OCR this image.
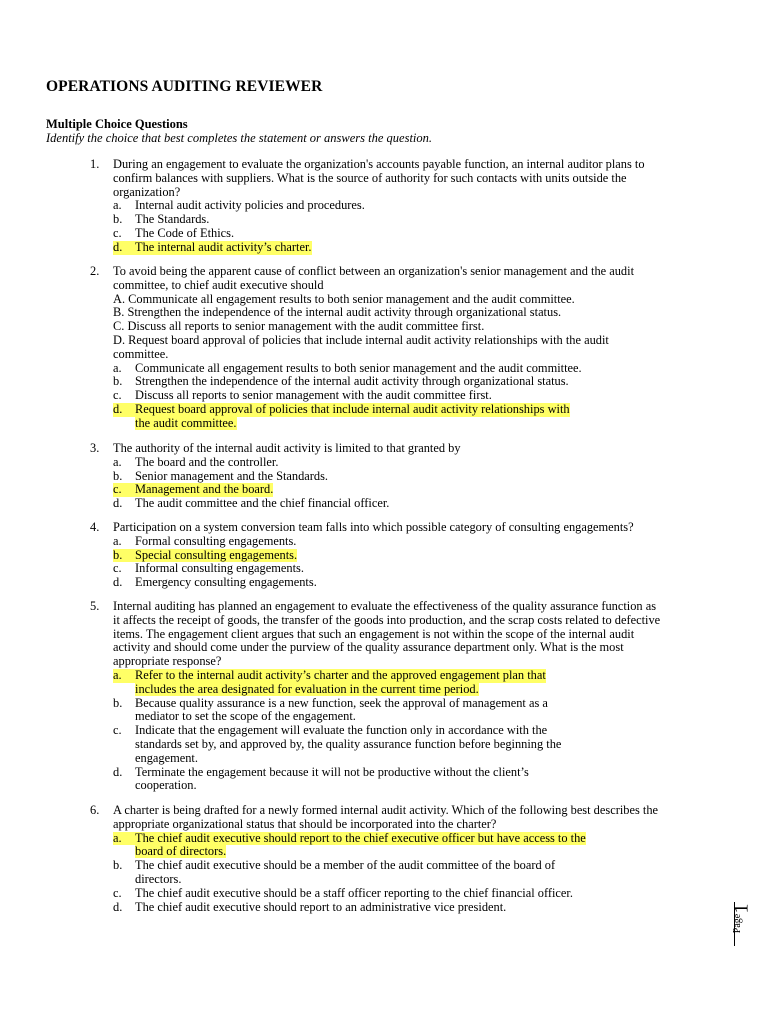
OPERATIONS AUDITING REVIEWER
Multiple Choice Questions
Identify the choice that best completes the statement or answers the question.
1.	During an engagement to evaluate the organization's accounts payable function, an internal auditor plans to
confirm balances with suppliers. What is the source of authority for such contacts with units outside the
organization?
a.	Internal audit activity policies and procedures.
b.	The Standards.
c.	The Code of Ethics.
d. The internal audit activity’s charter.
2.	To avoid being the apparent cause of conflict between an organization's senior management and the audit
committee, to chief audit executive should
A. Communicate all engagement results to both senior management and the audit committee.
B. Strengthen the independence of the internal audit activity through organizational status.
C. Discuss all reports to senior management with the audit committee first.
D. Request board approval of policies that include internal audit activity relationships with the audit
committee.
a.	Communicate all engagement results to both senior management and the audit committee.
b.	Strengthen the independence of the internal audit activity through organizational status.
c.	Discuss all reports to senior management with the audit committee first.
d. Request board approval of policies that include internal audit activity relationships with
the audit committee.
3.	The authority of the internal audit activity is limited to that granted by
a.	The board and the controller.
b.	Senior management and the Standards.
c. Management and the board.
d.	The audit committee and the chief financial officer.
4.	Participation on a system conversion team falls into which possible category of consulting engagements?
a.	Formal consulting engagements.
b. Special consulting engagements.
c.	Informal consulting engagements.
d.	Emergency consulting engagements.
5.	Internal auditing has planned an engagement to evaluate the effectiveness of the quality assurance function as
it affects the receipt of goods, the transfer of the goods into production, and the scrap costs related to defective
items. The engagement client argues that such an engagement is not within the scope of the internal audit
activity and should come under the purview of the quality assurance department only. What is the most
appropriate response?
a. Refer to the internal audit activity’s charter and the approved engagement plan that
includes the area designated for evaluation in the current time period.
b.	Because quality assurance is a new function, seek the approval of management as a
mediator to set the scope of the engagement.
c.	Indicate that the engagement will evaluate the function only in accordance with the
standards set by, and approved by, the quality assurance function before beginning the
engagement.
d.	Terminate the engagement because it will not be productive without the client’s
cooperation.
6.	A charter is being drafted for a newly formed internal audit activity. Which of the following best describes the
appropriate organizational status that should be incorporated into the charter?
a. The chief audit executive should report to the chief executive officer but have access to the
board of directors.
b.	The chief audit executive should be a member of the audit committee of the board of
directors.
c.	The chief audit executive should be a staff officer reporting to the chief financial officer.
d.	The chief audit executive should report to an administrative vice president.
Page
1
